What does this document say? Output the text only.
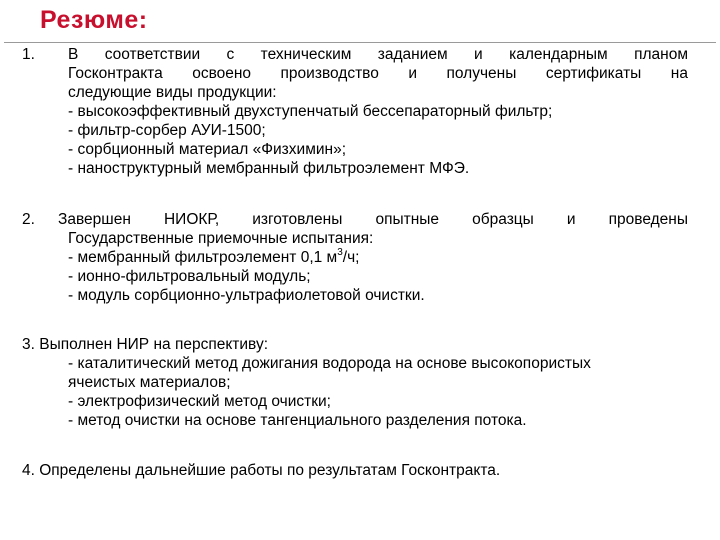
Резюме:
1. В соответствии с техническим заданием и календарным планом
Госконтракта освоено производство и получены сертификаты на
следующие виды продукции:
- высокоэффективный двухступенчатый бессепараторный фильтр;
- фильтр-сорбер АУИ-1500;
- сорбционный материал «Физхимин»;
- наноструктурный мембранный фильтроэлемент МФЭ.
2. Завершен НИОКР, изготовлены опытные образцы и проведены
Государственные приемочные испытания:
- мембранный фильтроэлемент 0,1 $м^3/ч$;
- ионно-фильтровальный модуль;
- модуль сорбционно-ультрафиолетовой очистки.
3. Выполнен НИР на перспективу:
- каталитический метод дожигания водорода на основе высокопористых
ячеистых материалов;
- электрофизический метод очистки;
- метод очистки на основе тангенциального разделения потока.
4. Определены дальнейшие работы по результатам Госконтракта.
